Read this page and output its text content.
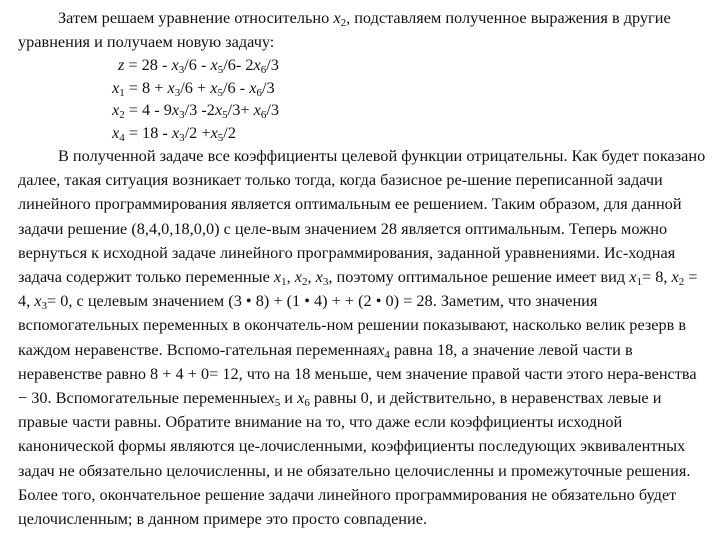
Затем решаем уравнение относительно $x_2$, подставляем полученное выражения в другие уравнения и получаем новую задачу:

$z = 28 - x_3/6 - x_5/6-$ $2x_6/3$
$x_1 = 8 + x_3/6 + x_5/6 - x_6/3$
$x_2 = 4 - 9x_3/3$ $-2x_5/3+ x_6/3$
$x_4 = 18 - x_3/2 +x_5/2$

В полученной задаче все коэффициенты целевой функции отрицательны. Как будет показано далее, такая ситуация возникает только тогда, когда базисное ре-шение переписанной задачи линейного программирования является оптимальным ее решением. Таким образом, для данной задачи решение (8,4,0,18,0,0) с целе-вым значением 28 является оптимальным. Теперь можно вернуться к исходной задаче линейного программирования, заданной уравнениями. Ис-ходная задача содержит только переменные $x_1$, $x_2$, $x_3$, поэтому оптимальное решение имеет вид $x_1= 8$, $x_2 = 4$, $x_3= 0$, с целевым значением (3 • 8) + (1 • 4) + + (2 • 0) = 28. Заметим, что значения вспомогательных переменных в окончатель-ном решении показывают, насколько велик резерв в каждом неравенстве. Вспомо-гательная переменнаяx$_4$ равна 18, а значение левой части в неравенстве равно 8 + 4 + 0= 12, что на 18 меньше, чем значение правой части этого нера-венства − 30. Вспомогательные переменныеx$_5$ и $x_6$ равны 0, и действительно, в неравенствах левые и правые части равны. Обратите внимание на то, что даже если коэффициенты исходной канонической формы являются це-лочисленными, коэффициенты последующих эквивалентных задач не обязательно целочисленны, и не обязательно целочисленны и промежуточные решения. Более того, окончательное решение задачи линейного программирования не обязательно будет целочисленным; в данном примере это просто совпадение.
